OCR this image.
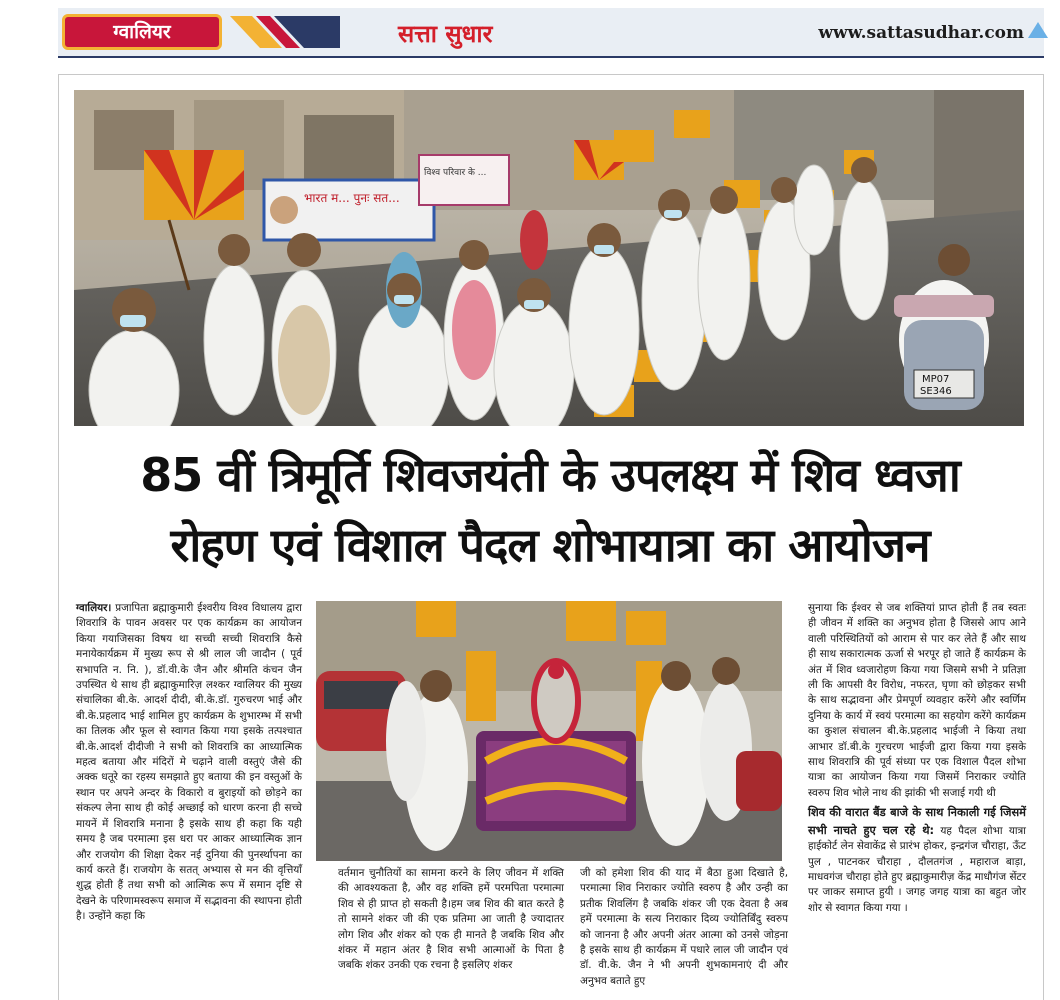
ग्वालियर	सत्ता सुधार	www.sattasudhar.com
भारत म... पुनः सत...
विश्व परिवार के ...
MP07
SE346
85 वीं त्रिमूर्ति शिवजयंती के उपलक्ष्य में शिव ध्वजा
रोहण एवं विशाल पैदल शोभायात्रा का आयोजन
ग्वालियर। प्रजापिता ब्रह्माकुमारी ईश्वरीय विश्व विधालय द्वारा शिवरात्रि के पावन अवसर पर एक कार्यक्रम का आयोजन किया गयाजिसका विषय था सच्ची सच्ची शिवरात्रि कैसे मनायेकार्यक्रम में मुख्य रूप से श्री लाल जी जादौन ( पूर्व सभापति न. नि. ), डॉ.वी.के जैन और श्रीमति कंचन जैन उपस्थित थे साथ ही ब्रह्माकुमारिज़ लश्कर ग्वालियर की मुख्य संचालिका बी.के. आदर्श दीदी, बी.के.डॉ. गुरुचरण भाई और बी.के.प्रहलाद भाई शामिल हुए कार्यक्रम के शुभारम्भ में सभी का तिलक और फूल से स्वागत किया गया इसके तत्पश्चात बी.के.आदर्श दीदीजी ने सभी को शिवरात्रि का आध्यात्मिक महत्व बताया और मंदिरों मे चढ़ाने वाली वस्तुएं जैसे की अक्क धतूरे का रहस्य समझाते हुए बताया की इन वस्तुओं के स्थान पर अपने अन्दर के विकारो व बुराइयों को छोड़ने का संकल्प लेना साथ ही कोई अच्छाई को धारण करना ही सच्चे मायनें में शिवरात्रि मनाना है इसके साथ ही कहा कि यही समय है जब परमात्मा इस धरा पर आकर आध्यात्मिक ज्ञान और राजयोग की शिक्षा देकर नई दुनिया की पुनर्स्थापना का कार्य करते हैं। राजयोग के सतत् अभ्यास से मन की वृत्तियाँ शुद्ध होती हैं तथा सभी को आत्मिक रूप में समान दृष्टि से देखने के परिणामस्वरूप समाज में सद्भावना की स्थापना होती है। उन्होंने कहा कि
वर्तमान चुनौतियों का सामना करने के लिए जीवन में शक्ति की आवश्यकता है, और वह शक्ति हमें परमपिता परमात्मा शिव से ही प्राप्त हो सकती है।हम जब शिव की बात करते है तो सामने शंकर जी की एक प्रतिमा आ जाती है ज्यादातर लोग शिव और शंकर को एक ही मानते है जबकि शिव और शंकर में महान अंतर है शिव सभी आत्माओं के पिता है जबकि शंकर उनकी एक रचना है इसलिए शंकर
जी को हमेशा शिव की याद में बैठा हुआ दिखाते है, परमात्मा शिव निराकार ज्योति स्वरुप है और उन्ही का प्रतीक शिवलिंग है जबकि शंकर जी एक देवता है अब हमें परमात्मा के सत्य निराकार दिव्य ज्योतिर्बिंदु स्वरुप को जानना है और अपनी अंतर आत्मा को उनसे जोड़ना है इसके साथ ही कार्यक्रम में पधारे लाल जी जादौन एवं डॉ. वी.के. जैन ने भी अपनी शुभकामनाएं दी और अनुभव बताते हुए
सुनाया कि ईश्वर से जब शक्तियां प्राप्त होती हैं तब स्वतः ही जीवन में शक्ति का अनुभव होता है जिससे आप आने वाली परिस्थितियों को आराम से पार कर लेते हैं और साथ ही साथ सकारात्मक ऊर्जा से भरपूर हो जाते हैं कार्यक्रम के अंत में शिव ध्वजारोहण किया गया जिसमे सभी ने प्रतिज्ञा ली कि आपसी वैर विरोध, नफरत, घृणा को छोड़कर सभी के साथ सद्भावना और प्रेमपूर्ण व्यवहार करेंगे और स्वर्णिम दुनिया के कार्य में स्वयं परमात्मा का सहयोग करेंगे कार्यक्रम का कुशल संचालन बी.के.प्रहलाद भाईजी ने किया तथा आभार डॉ.बी.के गुरचरण भाईजी द्वारा किया गया इसके साथ शिवरात्रि की पूर्व संध्या पर एक विशाल पैदल शोभा यात्रा का आयोजन किया गया जिसमें निराकार ज्योति स्वरुप शिव भोले नाथ की झांकी भी सजाई गयी थी
शिव की वारात बैंड बाजे के साथ निकाली गई जिसमें सभी नाचते हुए चल रहे थे: यह पैदल शोभा यात्रा हाईकोर्ट लेन सेवाकेंद्र से प्रारंभ होकर, इन्द्रगंज चौराहा, ऊँट पुल , पाटनकर चौराहा , दौलतगंज , महाराज बाड़ा, माधवगंज चौराहा होते हुए ब्रह्माकुमारीज़ केंद्र माधौगंज सेंटर पर जाकर समाप्त हुयी । जगह जगह यात्रा का बहुत जोर शोर से स्वागत किया गया ।
